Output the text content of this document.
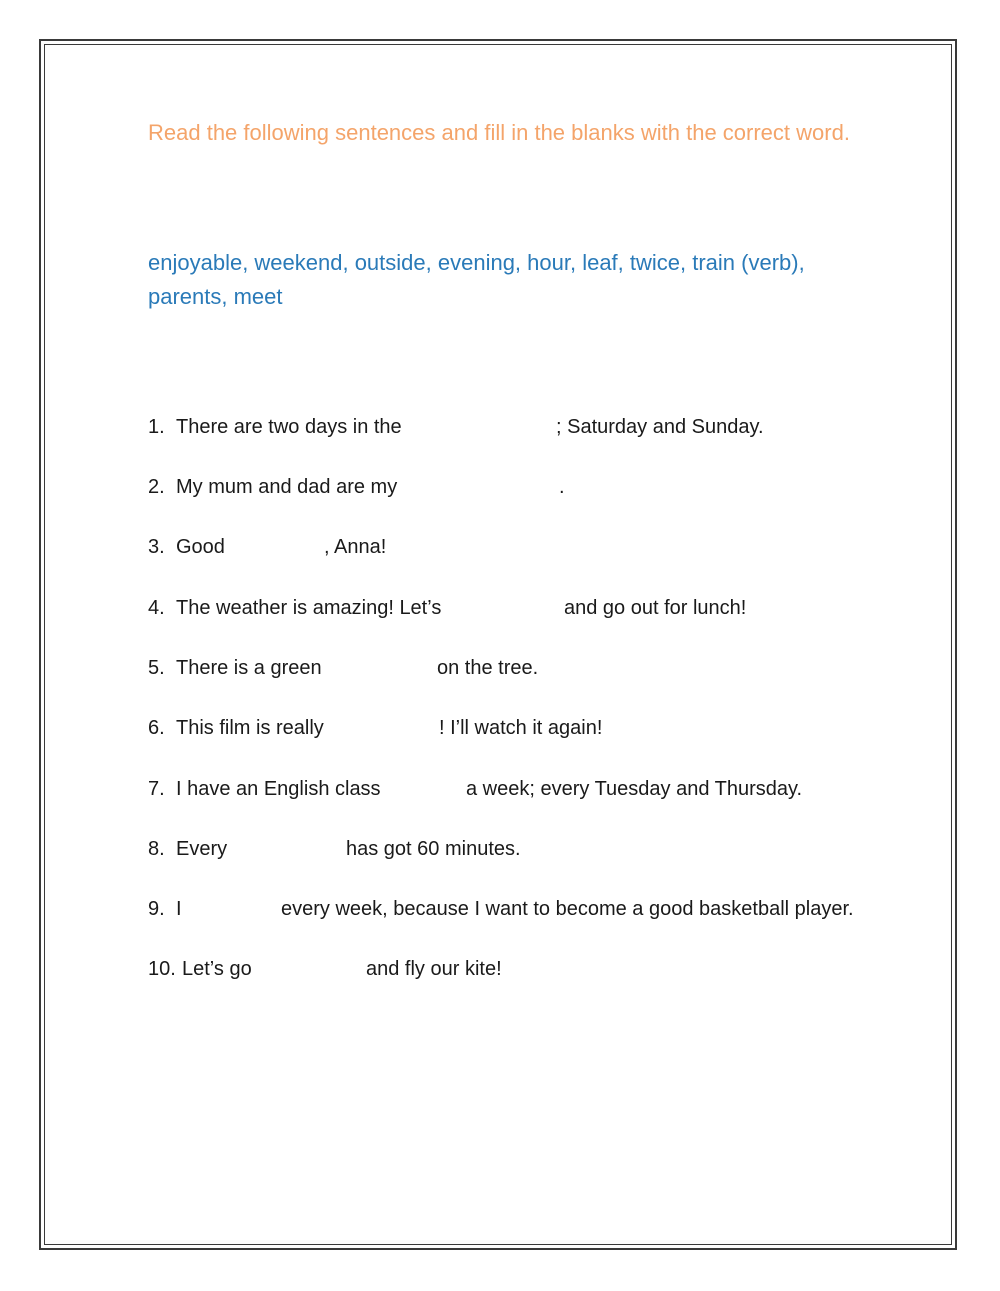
Read the following sentences and fill in the blanks with the correct word.

enjoyable, weekend, outside, evening, hour, leaf, twice, train (verb), parents, meet

1. There are two days in the	; Saturday and Sunday.
2. My mum and dad are my	.
3. Good	, Anna!
4. The weather is amazing! Let’s	and go out for lunch!
5. There is a green	on the tree.
6. This film is really	! I’ll watch it again!
7. I have an English class	a week; every Tuesday and Thursday.
8. Every	has got 60 minutes.
9. I	every week, because I want to become a good basketball player.
10. Let’s go	and fly our kite!
